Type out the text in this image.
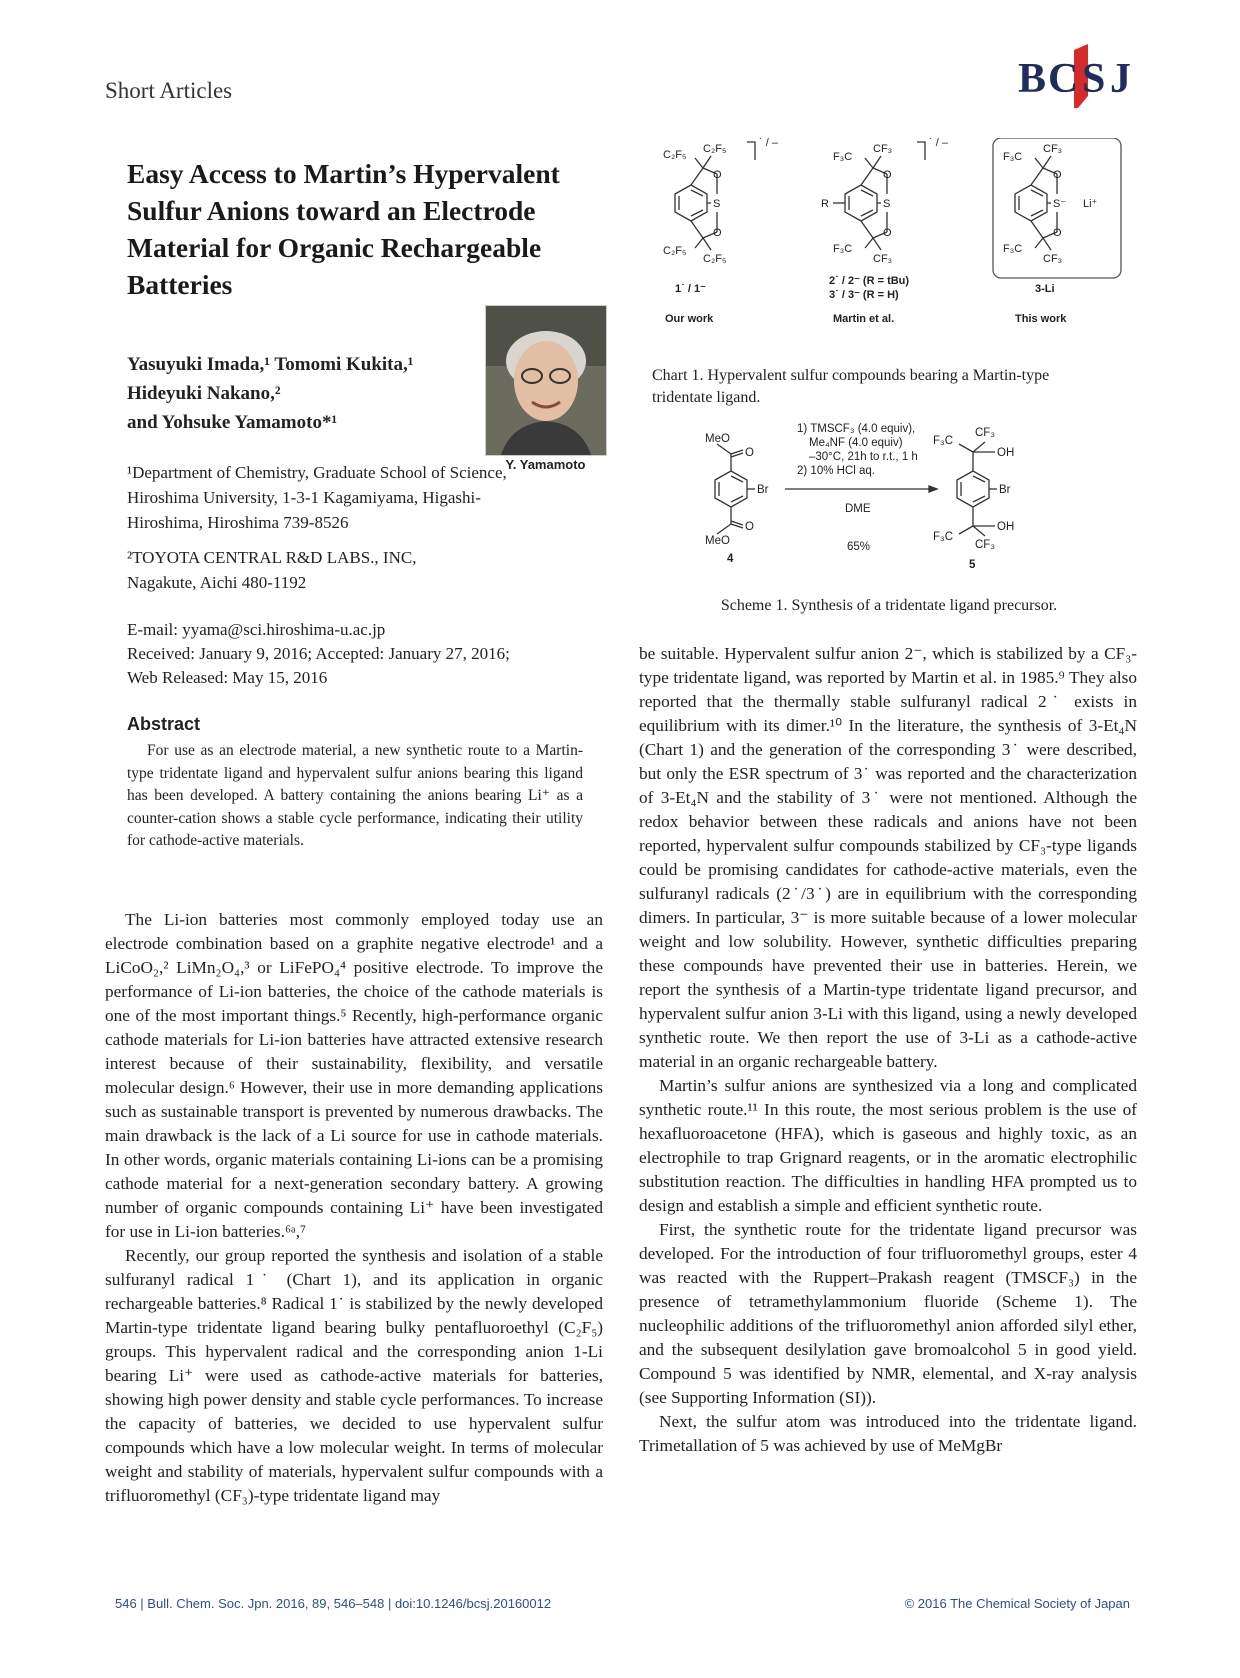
Short Articles	B C S J
Easy Access to Martin’s Hypervalent Sulfur Anions toward an Electrode Material for Organic Rechargeable Batteries
Yasuyuki Imada,¹ Tomomi Kukita,¹
Hideyuki Nakano,²
and Yohsuke Yamamoto*¹
Y. Yamamoto
¹Department of Chemistry, Graduate School of Science, Hiroshima University, 1-3-1 Kagamiyama, Higashi-Hiroshima, Hiroshima 739-8526
²TOYOTA CENTRAL R&D LABS., INC, Nagakute, Aichi 480-1192
E-mail: yyama@sci.hiroshima-u.ac.jp
Received: January 9, 2016; Accepted: January 27, 2016;
Web Released: May 15, 2016
Abstract
For use as an electrode material, a new synthetic route to a Martin-type tridentate ligand and hypervalent sulfur anions bearing this ligand has been developed. A battery containing the anions bearing Li⁺ as a counter-cation shows a stable cycle performance, indicating their utility for cathode-active materials.

The Li-ion batteries most commonly employed today use an electrode combination based on a graphite negative electrode¹ and a LiCoO₂,² LiMn₂O₄,³ or LiFePO₄⁴ positive electrode. To improve the performance of Li-ion batteries, the choice of the cathode materials is one of the most important things.⁵ Recently, high-performance organic cathode materials for Li-ion batteries have attracted extensive research interest because of their sustainability, flexibility, and versatile molecular design.⁶ However, their use in more demanding applications such as sustainable transport is prevented by numerous drawbacks. The main drawback is the lack of a Li source for use in cathode materials. In other words, organic materials containing Li-ions can be a promising cathode material for a next-generation secondary battery. A growing number of organic compounds containing Li⁺ have been investigated for use in Li-ion batteries.⁶ᵃ,⁷

Recently, our group reported the synthesis and isolation of a stable sulfuranyl radical 1˙ (Chart 1), and its application in organic rechargeable batteries.⁸ Radical 1˙ is stabilized by the newly developed Martin-type tridentate ligand bearing bulky pentafluoroethyl (C₂F₅) groups. This hypervalent radical and the corresponding anion 1-Li bearing Li⁺ were used as cathode-active materials for batteries, showing high power density and stable cycle performances. To increase the capacity of batteries, we decided to use hypervalent sulfur compounds which have a low molecular weight. In terms of molecular weight and stability of materials, hypervalent sulfur compounds with a trifluoromethyl (CF₃)-type tridentate ligand may

C₂F₅ C₂F₅
O
S
O
C₂F₅
C₂F₅
˙ / –
1˙ / 1⁻
Our work
F₃C
CF₃
O
S
O
R
F₃C
CF₃
˙ / –
2˙ / 2⁻ (R = tBu)
3˙ / 3⁻ (R = H)
Martin et al.
F₃C
CF₃
O
S⁻
O
Li⁺
F₃C
CF₃
3-Li
This work
Chart 1. Hypervalent sulfur compounds bearing a Martin-type tridentate ligand.
MeO
O
Br
O
MeO
4
1) TMSCF₃ (4.0 equiv),
Me₄NF (4.0 equiv)
–30°C, 21h to r.t., 1 h
2) 10% HCl aq.
DME
65%
F₃C
CF₃
OH
Br
OH
F₃C
CF₃
5
Scheme 1. Synthesis of a tridentate ligand precursor.

be suitable. Hypervalent sulfur anion 2⁻, which is stabilized by a CF₃-type tridentate ligand, was reported by Martin et al. in 1985.⁹ They also reported that the thermally stable sulfuranyl radical 2˙ exists in equilibrium with its dimer.¹⁰ In the literature, the synthesis of 3-Et₄N (Chart 1) and the generation of the corresponding 3˙ were described, but only the ESR spectrum of 3˙ was reported and the characterization of 3-Et₄N and the stability of 3˙ were not mentioned. Although the redox behavior between these radicals and anions have not been reported, hypervalent sulfur compounds stabilized by CF₃-type ligands could be promising candidates for cathode-active materials, even the sulfuranyl radicals (2˙/3˙) are in equilibrium with the corresponding dimers. In particular, 3⁻ is more suitable because of a lower molecular weight and low solubility. However, synthetic difficulties preparing these compounds have prevented their use in batteries. Herein, we report the synthesis of a Martin-type tridentate ligand precursor, and hypervalent sulfur anion 3-Li with this ligand, using a newly developed synthetic route. We then report the use of 3-Li as a cathode-active material in an organic rechargeable battery.

Martin’s sulfur anions are synthesized via a long and complicated synthetic route.¹¹ In this route, the most serious problem is the use of hexafluoroacetone (HFA), which is gaseous and highly toxic, as an electrophile to trap Grignard reagents, or in the aromatic electrophilic substitution reaction. The difficulties in handling HFA prompted us to design and establish a simple and efficient synthetic route.

First, the synthetic route for the tridentate ligand precursor was developed. For the introduction of four trifluoromethyl groups, ester 4 was reacted with the Ruppert–Prakash reagent (TMSCF₃) in the presence of tetramethylammonium fluoride (Scheme 1). The nucleophilic additions of the trifluoromethyl anion afforded silyl ether, and the subsequent desilylation gave bromoalcohol 5 in good yield. Compound 5 was identified by NMR, elemental, and X-ray analysis (see Supporting Information (SI)).

Next, the sulfur atom was introduced into the tridentate ligand. Trimetallation of 5 was achieved by use of MeMgBr

546 | Bull. Chem. Soc. Jpn. 2016, 89, 546–548 | doi:10.1246/bcsj.20160012	© 2016 The Chemical Society of Japan
